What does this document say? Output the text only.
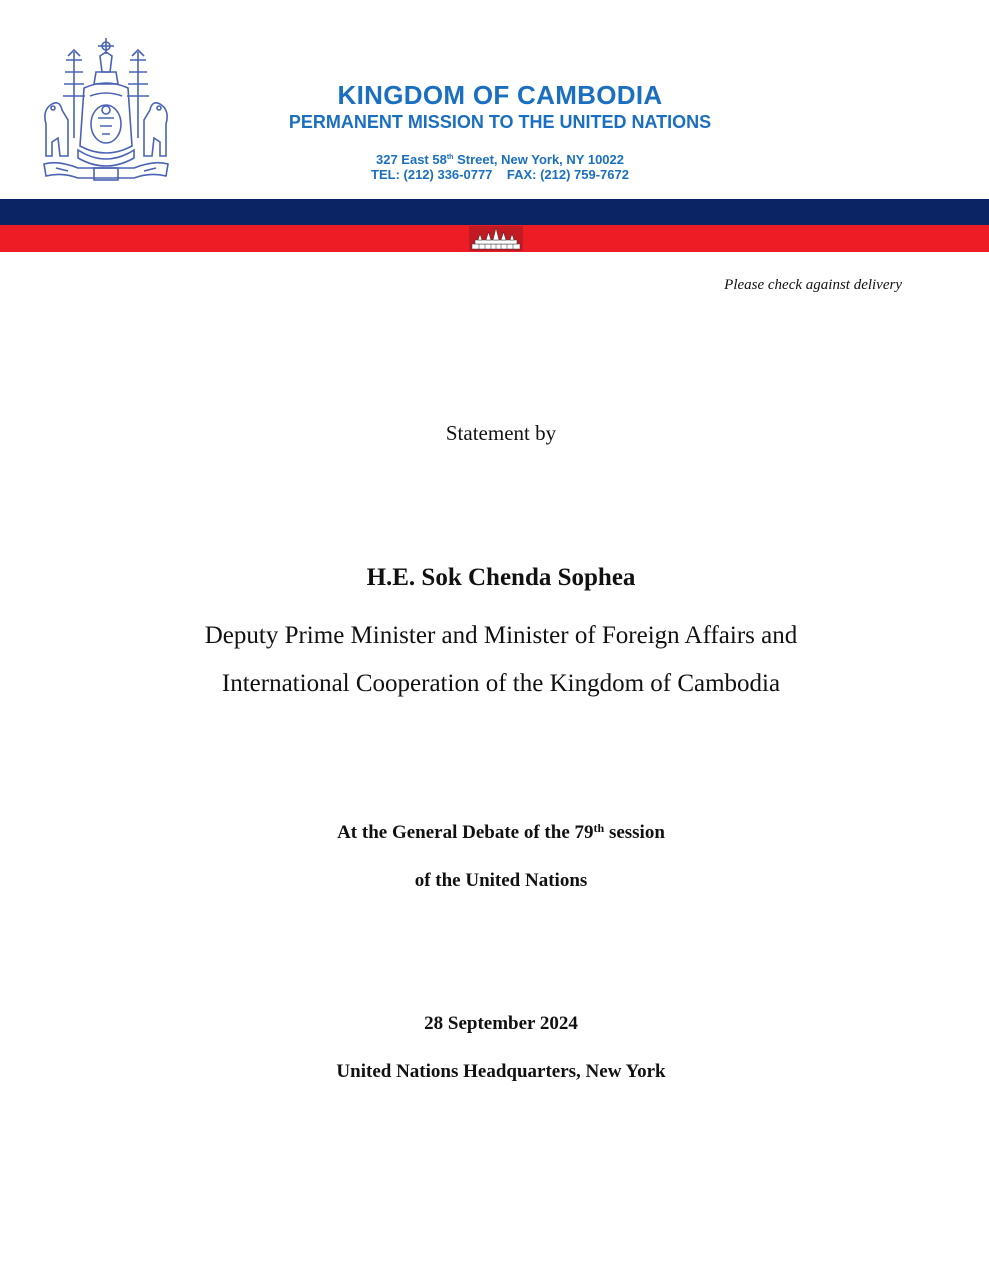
KINGDOM OF CAMBODIA
PERMANENT MISSION TO THE UNITED NATIONS
327 East 58th Street, New York, NY 10022
TEL: (212) 336-0777    FAX: (212) 759-7672
Please check against delivery
Statement by
H.E. Sok Chenda Sophea
Deputy Prime Minister and Minister of Foreign Affairs and
International Cooperation of the Kingdom of Cambodia
At the General Debate of the 79th session
of the United Nations
28 September 2024
United Nations Headquarters, New York
